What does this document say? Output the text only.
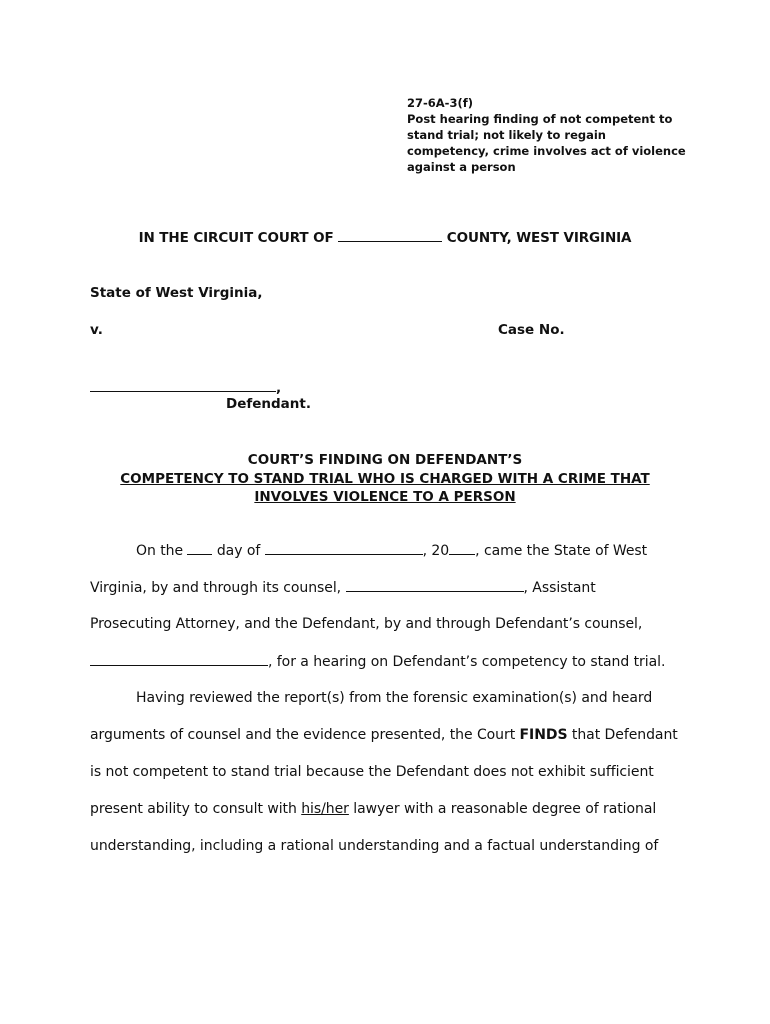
27-6A-3(f)
Post hearing finding of not competent to
stand trial; not likely to regain
competency, crime involves act of violence
against a person
IN THE CIRCUIT COURT OF	COUNTY, WEST VIRGINIA
State of West Virginia,
v.	Case No.
,
Defendant.
COURT’S FINDING ON DEFENDANT’S
COMPETENCY TO STAND TRIAL WHO IS CHARGED WITH A CRIME THAT
INVOLVES VIOLENCE TO A PERSON
On the  day of	, 20 , came the State of West
Virginia, by and through its counsel,	, Assistant
Prosecuting Attorney, and the Defendant, by and through Defendant’s counsel,
, for a hearing on Defendant’s competency to stand trial.
Having reviewed the report(s) from the forensic examination(s) and heard
arguments of counsel and the evidence presented, the Court FINDS that Defendant
is not competent to stand trial because the Defendant does not exhibit sufficient
present ability to consult with his/her lawyer with a reasonable degree of rational
understanding, including a rational understanding and a factual understanding of
